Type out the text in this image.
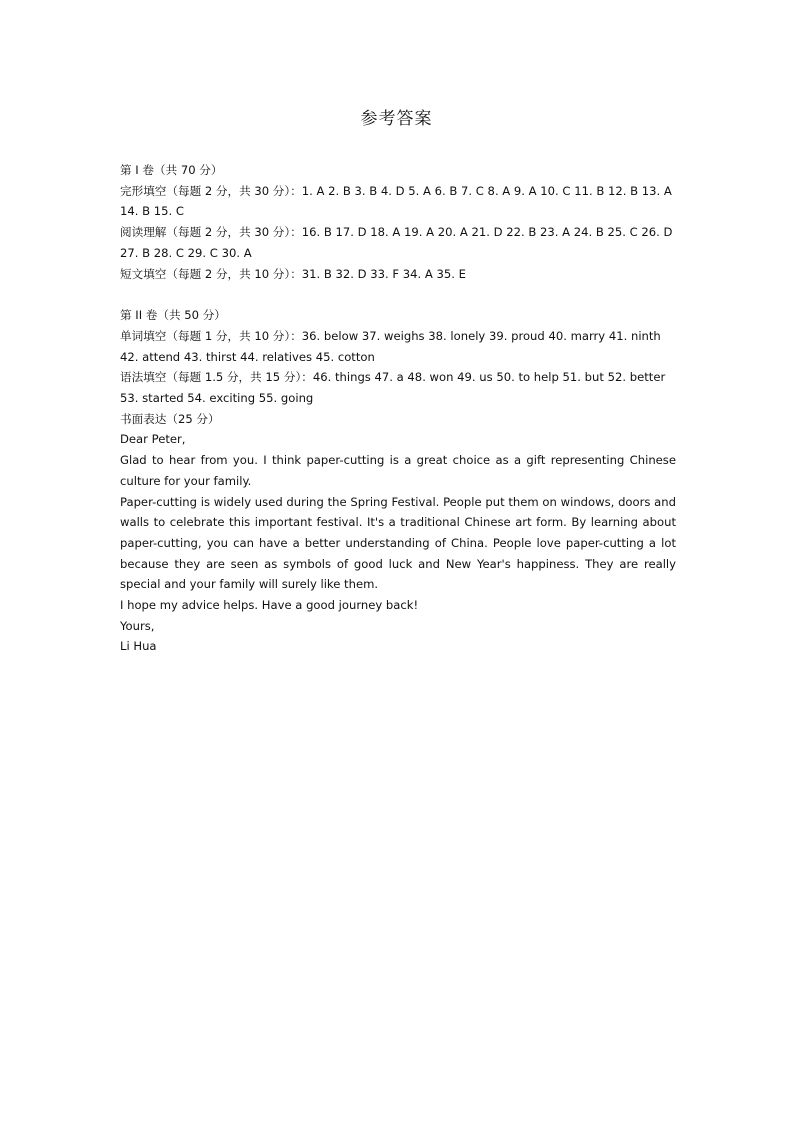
参考答案
第 I 卷（共 70 分）
完形填空（每题 2 分，共 30 分）：1. A 2. B 3. B 4. D 5. A 6. B 7. C 8. A 9. A 10. C 11. B 12. B 13. A 14. B 15. C
阅读理解（每题 2 分，共 30 分）：16. B 17. D 18. A 19. A 20. A 21. D 22. B 23. A 24. B 25. C 26. D 27. B 28. C 29. C 30. A
短文填空（每题 2 分，共 10 分）：31. B 32. D 33. F 34. A 35. E
第 II 卷（共 50 分）
单词填空（每题 1 分，共 10 分）：36. below 37. weighs 38. lonely 39. proud 40. marry 41. ninth 42. attend 43. thirst 44. relatives 45. cotton
语法填空（每题 1.5 分，共 15 分）：46. things 47. a 48. won 49. us 50. to help 51. but 52. better 53. started 54. exciting 55. going
书面表达（25 分）

Dear Peter,

Glad to hear from you. I think paper-cutting is a great choice as a gift representing Chinese culture for your family.

Paper-cutting is widely used during the Spring Festival. People put them on windows, doors and walls to celebrate this important festival. It's a traditional Chinese art form. By learning about paper-cutting, you can have a better understanding of China. People love paper-cutting a lot because they are seen as symbols of good luck and New Year's happiness. They are really special and your family will surely like them.

I hope my advice helps. Have a good journey back!

Yours,

Li Hua
